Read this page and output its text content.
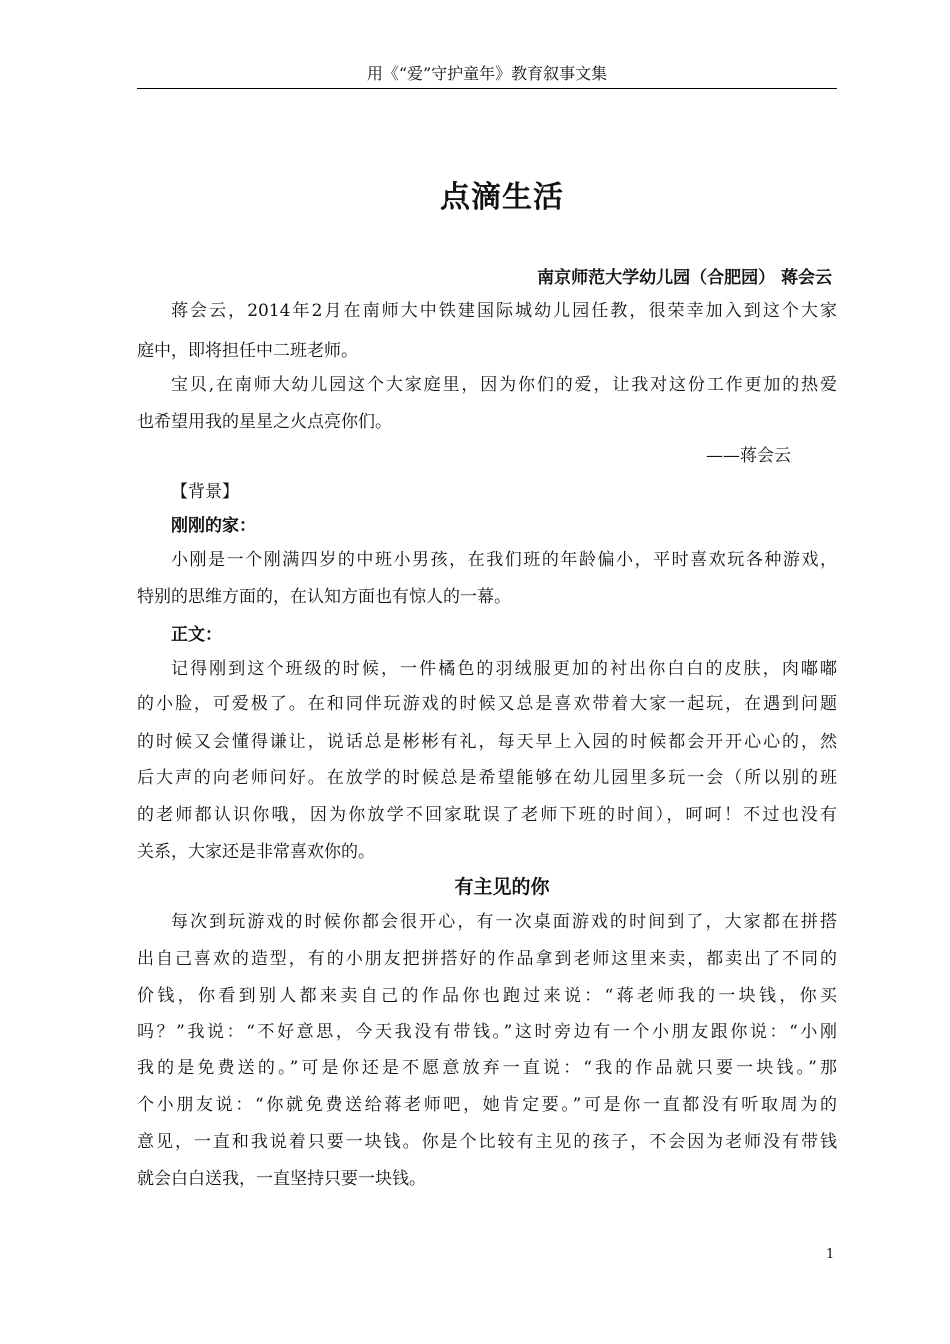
用《“爱”守护童年》教育叙事文集
点滴生活
南京师范大学幼儿园（合肥园） 蒋会云
蒋会云，2014年2月在南师大中铁建国际城幼儿园任教，很荣幸加入到这个大家
庭中，即将担任中二班老师。
宝贝,在南师大幼儿园这个大家庭里，因为你们的爱，让我对这份工作更加的热爱
也希望用我的星星之火点亮你们。
——蒋会云
【背景】
刚刚的家：
小刚是一个刚满四岁的中班小男孩，在我们班的年龄偏小，平时喜欢玩各种游戏，
特别的思维方面的，在认知方面也有惊人的一幕。
正文：
记得刚到这个班级的时候，一件橘色的羽绒服更加的衬出你白白的皮肤，肉嘟嘟
的小脸，可爱极了。在和同伴玩游戏的时候又总是喜欢带着大家一起玩，在遇到问题
的时候又会懂得谦让，说话总是彬彬有礼，每天早上入园的时候都会开开心心的，然
后大声的向老师问好。在放学的时候总是希望能够在幼儿园里多玩一会（所以别的班
的老师都认识你哦，因为你放学不回家耽误了老师下班的时间），呵呵！不过也没有
关系，大家还是非常喜欢你的。
有主见的你
每次到玩游戏的时候你都会很开心，有一次桌面游戏的时间到了，大家都在拼搭
出自己喜欢的造型，有的小朋友把拼搭好的作品拿到老师这里来卖，都卖出了不同的
价钱，你看到别人都来卖自己的作品你也跑过来说：“蒋老师我的一块钱，你买
吗？”我说：“不好意思，今天我没有带钱。”这时旁边有一个小朋友跟你说：“小刚
我的是免费送的。”可是你还是不愿意放弃一直说：“我的作品就只要一块钱。”那
个小朋友说：“你就免费送给蒋老师吧，她肯定要。”可是你一直都没有听取周为的
意见，一直和我说着只要一块钱。你是个比较有主见的孩子，不会因为老师没有带钱
就会白白送我，一直坚持只要一块钱。
1
